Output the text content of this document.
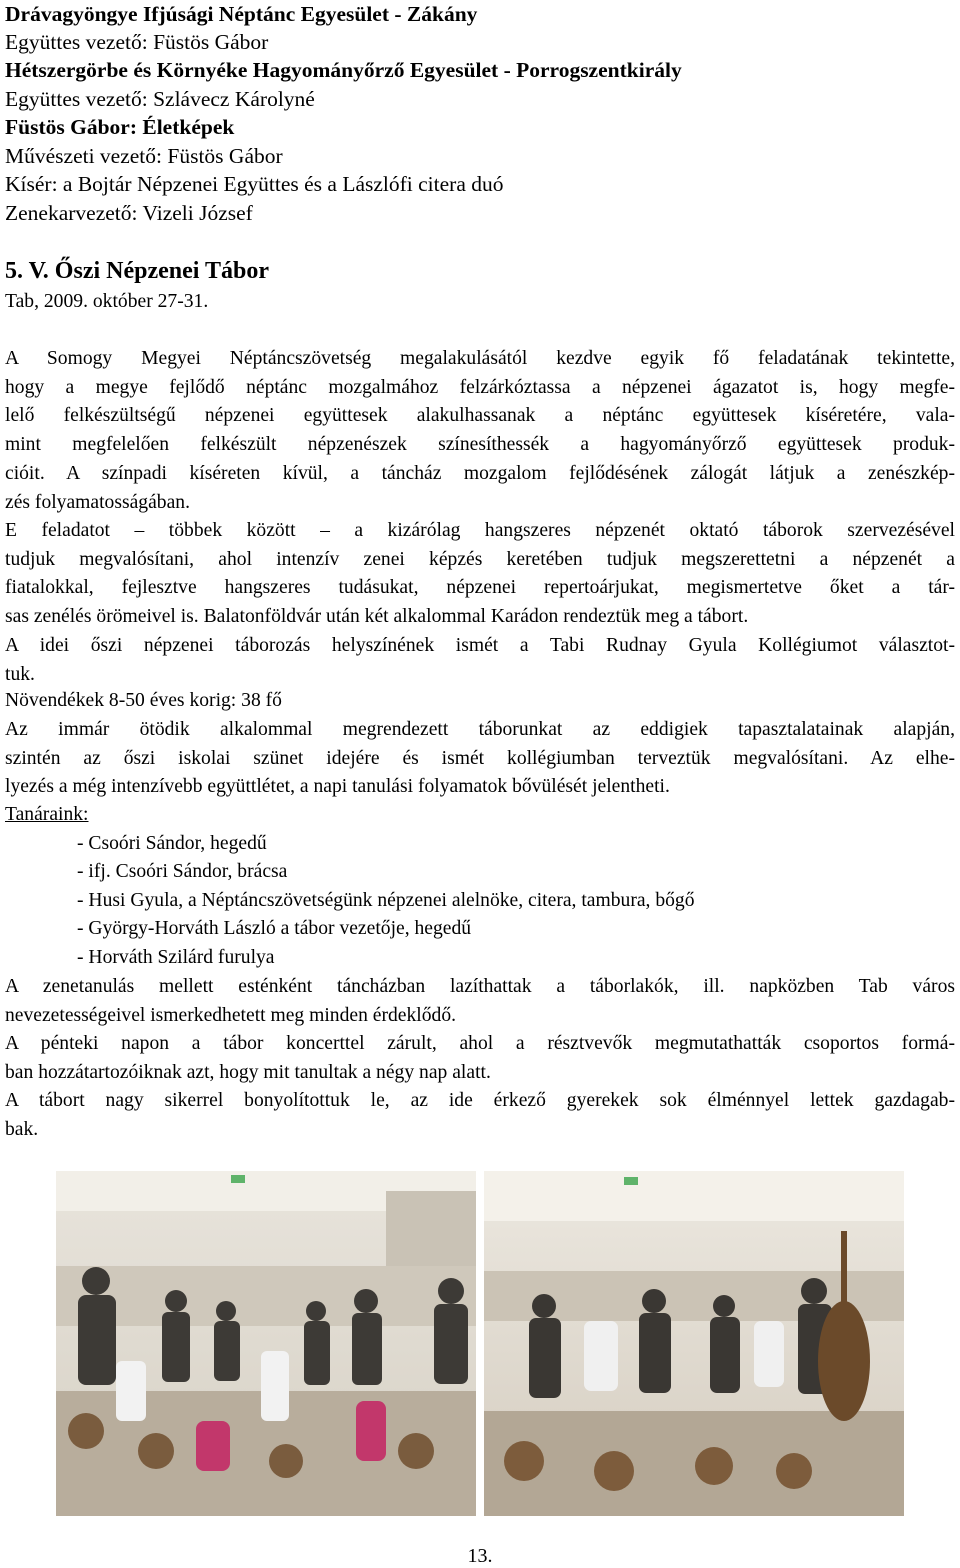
Drávagyöngye Ifjúsági Néptánc Egyesület - Zákány
Együttes vezető: Füstös Gábor
Hétszergörbe és Környéke Hagyományőrző Egyesület - Porrogszentkirály
Együttes vezető: Szlávecz Károlyné
Füstös Gábor: Életképek
Művészeti vezető: Füstös Gábor
Kísér: a Bojtár Népzenei Együttes és a Lászlófi citera duó
Zenekarvezető: Vizeli József
5. V. Őszi Népzenei Tábor
Tab, 2009. október 27-31.
A Somogy Megyei Néptáncszövetség megalakulásától kezdve egyik fő feladatának tekintette,
hogy a megye fejlődő néptánc mozgalmához felzárkóztassa a népzenei ágazatot is, hogy megfe-
lelő felkészültségű népzenei együttesek alakulhassanak a néptánc együttesek kíséretére, vala-
mint megfelelően felkészült népzenészek színesíthessék a hagyományőrző együttesek produk-
cióit. A színpadi kíséreten kívül, a táncház mozgalom fejlődésének zálogát látjuk a zenészkép-
zés folyamatosságában.
E feladatot – többek között – a kizárólag hangszeres népzenét oktató táborok szervezésével
tudjuk megvalósítani, ahol intenzív zenei képzés keretében tudjuk megszerettetni a népzenét a
fiatalokkal, fejlesztve hangszeres tudásukat, népzenei repertoárjukat, megismertetve őket a tár-
sas zenélés örömeivel is. Balatonföldvár után két alkalommal Karádon rendeztük meg a tábort.
A idei őszi népzenei táborozás helyszínének ismét a Tabi Rudnay Gyula Kollégiumot választot-
tuk.
Növendékek 8-50 éves korig: 38 fő
Az immár ötödik alkalommal megrendezett táborunkat az eddigiek tapasztalatainak alapján,
szintén az őszi iskolai szünet idejére és ismét kollégiumban terveztük megvalósítani. Az elhe-
lyezés a még intenzívebb együttlétet, a napi tanulási folyamatok bővülését jelentheti.
Tanáraink:
- Csoóri Sándor, hegedű
- ifj. Csoóri Sándor, brácsa
- Husi Gyula, a Néptáncszövetségünk népzenei alelnöke, citera, tambura, bőgő
- György-Horváth László a tábor vezetője, hegedű
- Horváth Szilárd furulya
A zenetanulás mellett esténként táncházban lazíthattak a táborlakók, ill. napközben Tab város
nevezetességeivel ismerkedhetett meg minden érdeklődő.
A pénteki napon a tábor koncerttel zárult, ahol a résztvevők megmutathatták csoportos formá-
ban hozzátartozóiknak azt, hogy mit tanultak a négy nap alatt.
A tábort nagy sikerrel bonyolítottuk le, az ide érkező gyerekek sok élménnyel lettek gazdagab-
bak.
13.
